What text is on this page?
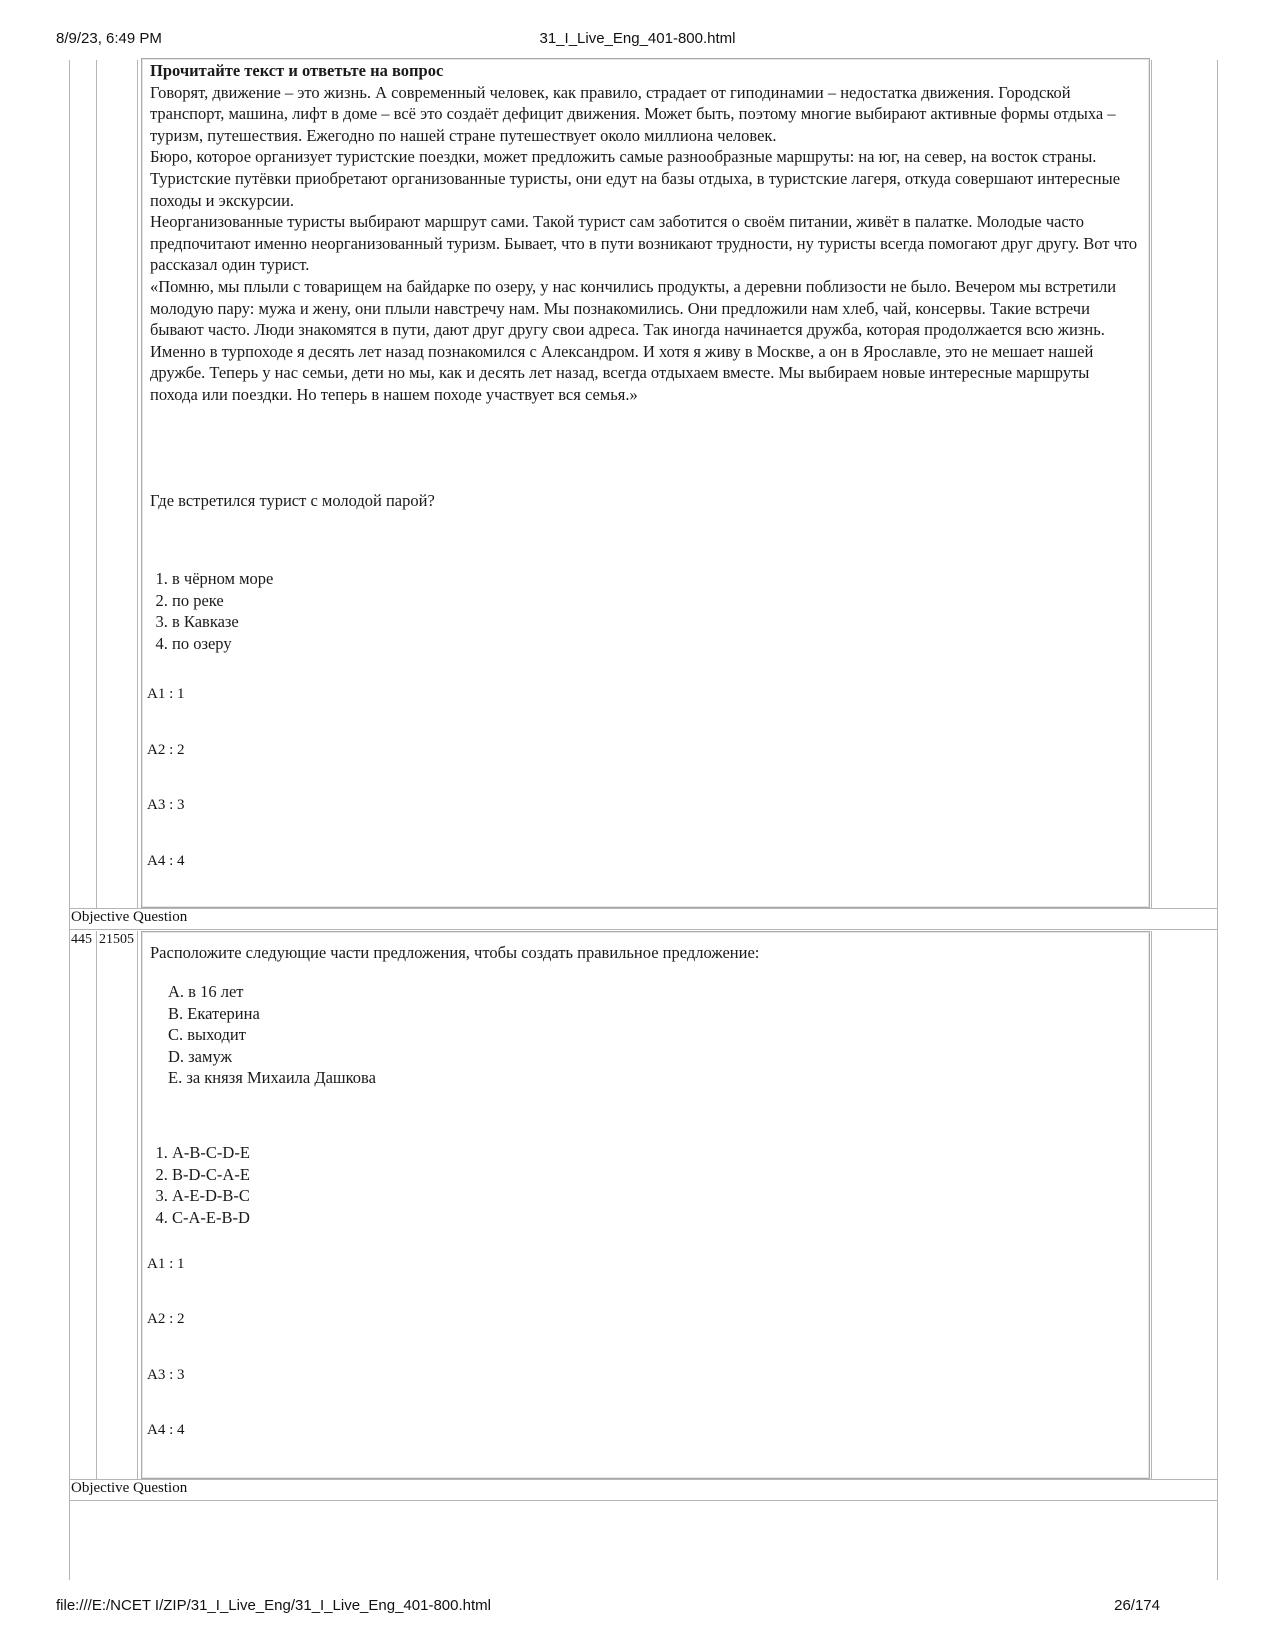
8/9/23, 6:49 PM	31_I_Live_Eng_401-800.html

Прочитайте текст и ответьте на вопрос

Говорят, движение – это жизнь. А современный человек, как правило, страдает от гиподинамии – недостатка движения. Городской транспорт, машина, лифт в доме – всё это создаёт дефицит движения. Может быть, поэтому многие выбирают активные формы отдыха – туризм, путешествия. Ежегодно по нашей стране путешествует около миллиона человек.

Бюро, которое организует туристские поездки, может предложить самые разнообразные маршруты: на юг, на север, на восток страны. Туристские путёвки приобретают организованные туристы, они едут на базы отдыха, в туристские лагеря, откуда совершают интересные походы и экскурсии.

Неорганизованные туристы выбирают маршрут сами. Такой турист сам заботится о своём питании, живёт в палатке. Молодые часто предпочитают именно неорганизованный туризм. Бывает, что в пути возникают трудности, ну туристы всегда помогают друг другу. Вот что рассказал один турист.

«Помню, мы плыли с товарищем на байдарке по озеру, у нас кончились продукты, а деревни поблизости не было. Вечером мы встретили молодую пару: мужа и жену, они плыли навстречу нам. Мы познакомились. Они предложили нам хлеб, чай, консервы. Такие встречи бывают часто. Люди знакомятся в пути, дают друг другу свои адреса. Так иногда начинается дружба, которая продолжается всю жизнь.

Именно в турпоходе я десять лет назад познакомился с Александром. И хотя я живу в Москве, а он в Ярославле, это не мешает нашей дружбе. Теперь у нас семьи, дети но мы, как и десять лет назад, всегда отдыхаем вместе. Мы выбираем новые интересные маршруты похода или поездки. Но теперь в нашем походе участвует вся семья.»

Где встретился турист с молодой парой?
1. в чёрном море
2. по реке
3. в Кавказе
4. по озеру
A1 : 1
A2 : 2
A3 : 3
A4 : 4
Objective Question
445 21505
Расположите следующие части предложения, чтобы создать правильное предложение:
A. в 16 лет
B. Екатерина
C. выходит
D. замуж
E. за князя Михаила Дашкова
1. A-B-C-D-E
2. B-D-C-A-E
3. A-E-D-B-C
4. C-A-E-B-D
A1 : 1
A2 : 2
A3 : 3
A4 : 4
Objective Question
file:///E:/NCET I/ZIP/31_I_Live_Eng/31_I_Live_Eng_401-800.html	26/174
